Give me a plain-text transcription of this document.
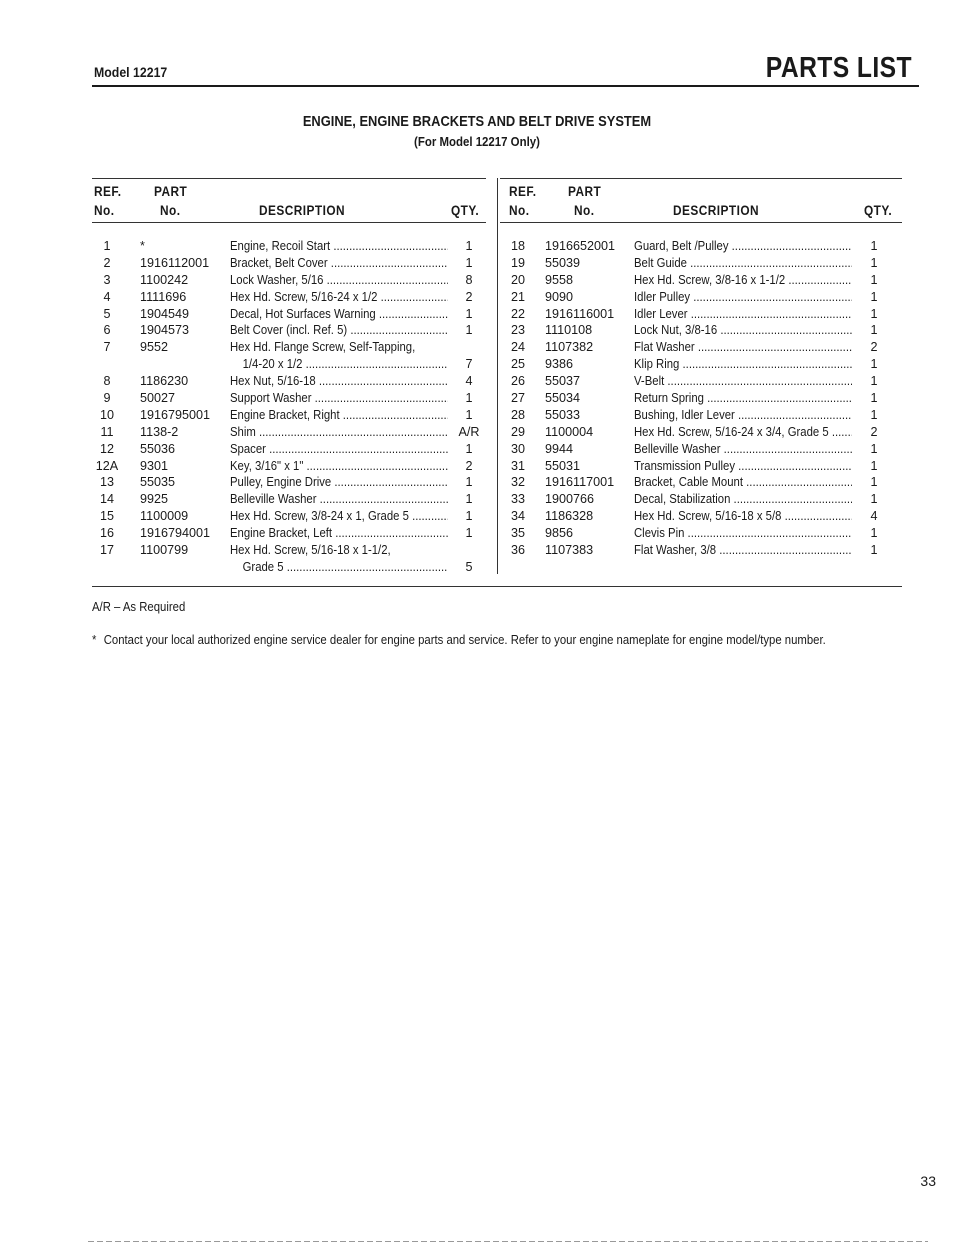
Model 12217	PARTS LIST
ENGINE, ENGINE BRACKETS AND BELT DRIVE SYSTEM
(For Model 12217 Only)
REF.
No.
PART
No.	DESCRIPTION	QTY.
REF.
No.
PART
No.	DESCRIPTION	QTY.
1	*	Engine, Recoil Start .....	1
2	1916112001 Bracket, Belt Cover .....	1
3	1100242	Lock Washer, 5/16 .....	8
4	1111696	Hex Hd. Screw, 5/16-24 x 1/2 .....	2
5	1904549	Decal, Hot Surfaces Warning .....	1
6	1904573	Belt Cover (incl. Ref. 5) .....	1
7	9552	Hex Hd. Flange Screw, Self-Tapping,
1/4-20 x 1/2 .....	7
8	1186230	Hex Nut, 5/16-18 .....	4
9	50027	Support Washer .....	1
10	1916795001 Engine Bracket, Right .....	1
11	1138-2	Shim .....	A/R
12	55036	Spacer .....	1
12A	9301	Key, 3/16" x 1" .....	2
13	55035	Pulley, Engine Drive .....	1
14	9925	Belleville Washer .....	1
15	1100009	Hex Hd. Screw, 3/8-24 x 1, Grade 5 .....	1
16	1916794001 Engine Bracket, Left .....	1
17	1100799	Hex Hd. Screw, 5/16-18 x 1-1/2,
Grade 5 .....	5
18	1916652001 Guard, Belt /Pulley .....	1
19	55039	Belt Guide .....	1
20	9558	Hex Hd. Screw, 3/8-16 x 1-1/2 .....	1
21	9090	Idler Pulley .....	1
22	1916116001 Idler Lever .....	1
23	1110108	Lock Nut, 3/8-16 .....	1
24	1107382	Flat Washer .....	2
25	9386	Klip Ring .....	1
26	55037	V-Belt .....	1
27	55034	Return Spring .....	1
28	55033	Bushing, Idler Lever .....	1
29	1100004	Hex Hd. Screw, 5/16-24 x 3/4, Grade 5 .....	2
30	9944	Belleville Washer .....	1
31	55031	Transmission Pulley .....	1
32	1916117001 Bracket, Cable Mount .....	1
33	1900766	Decal, Stabilization .....	1
34	1186328	Hex Hd. Screw, 5/16-18 x 5/8 .....	4
35	9856	Clevis Pin .....	1
36	1107383	Flat Washer, 3/8 .....	1
A/R – As Required
* Contact your local authorized engine service dealer for engine parts and service. Refer to your engine nameplate for engine model/type number.
33
